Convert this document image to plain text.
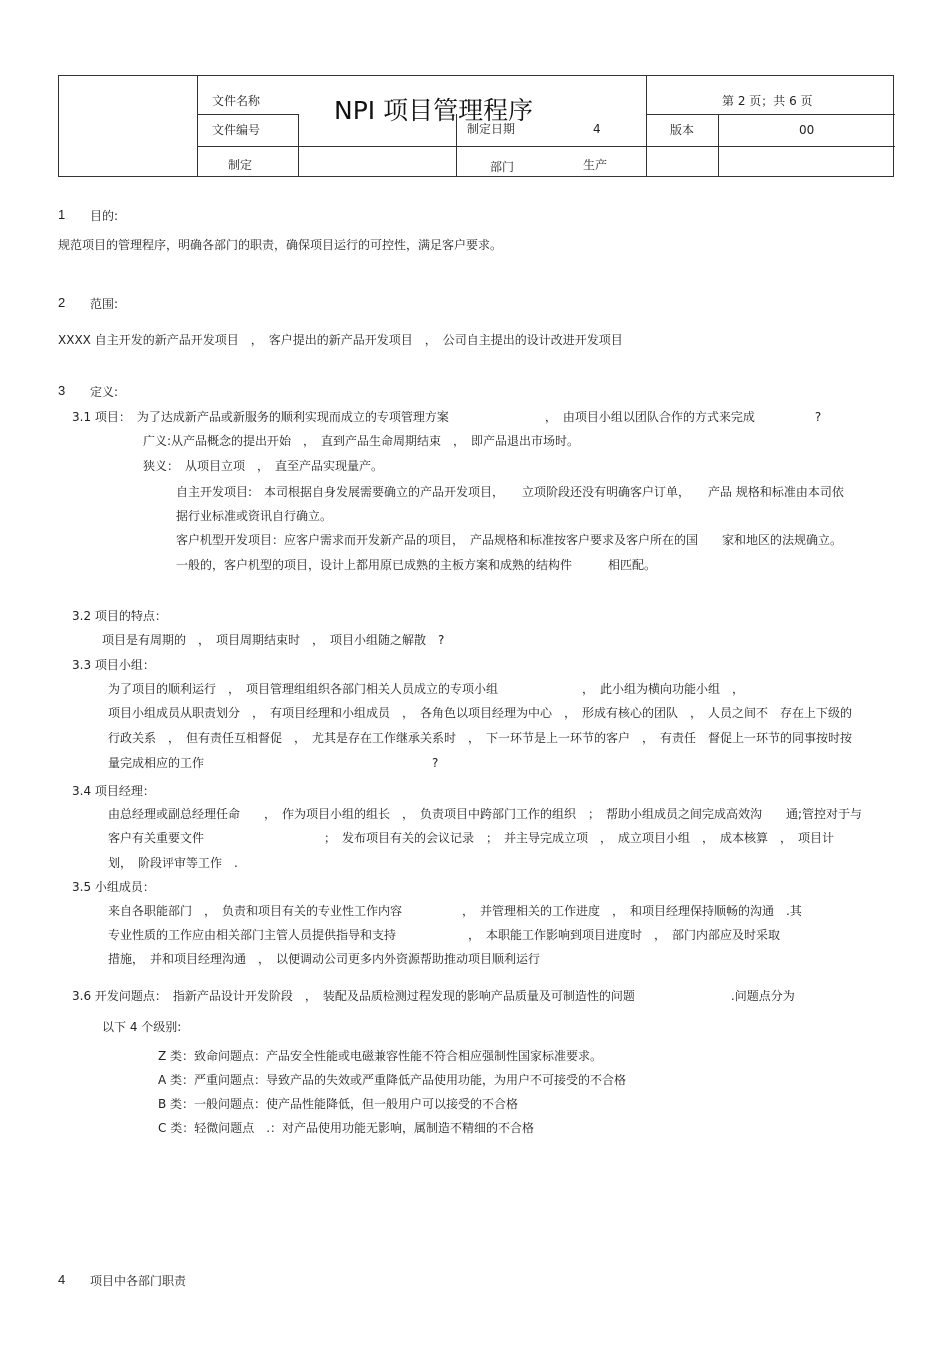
文件名称	NPI 项目管理程序	第 2 页；共 6 页
文件编号	制定日期	4	版本	00
制定	部门	生产
1 目的:
规范项目的管理程序，明确各部门的职责，确保项目运行的可控性，满足客户要求。
2 范围:
XXXX 自主开发的新产品开发项目　，　客户提出的新产品开发项目　，　公司自主提出的设计改进开发项目
3 定义:
3.1 项目：　为了达成新产品或新服务的顺利实现而成立的专项管理方案　　　　　　　　，　由项目小组以团队合作的方式来完成　　　　　?
广义:从产品概念的提出开始　，　直到产品生命周期结束　，　即产品退出市场时。
狭义：　从项目立项　，　直至产品实现量产。
自主开发项目:　本司根据自身发展需要确立的产品开发项目，　　立项阶段还没有明确客户订单，　　产品 规格和标准由本司依
据行业标准或资讯自行确立。
客户机型开发项目：应客户需求而开发新产品的项目，　产品规格和标准按客户要求及客户所在的国　　家和地区的法规确立。
一般的，客户机型的项目，设计上都用原已成熟的主板方案和成熟的结构件　　　相匹配。
3.2 项目的特点：
项目是有周期的　，　项目周期结束时　，　项目小组随之解散　?
3.3 项目小组：
为了项目的顺利运行　，　项目管理组组织各部门相关人员成立的专项小组　　　　　　　，　此小组为横向功能小组　，
项目小组成员从职责划分　，　有项目经理和小组成员　，　各角色以项目经理为中心　，　形成有核心的团队　，　人员之间不　存在上下级的
行政关系　，　但有责任互相督促　，　尤其是存在工作继承关系时　，　下一环节是上一环节的客户　，　有责任　督促上一环节的同事按时按
量完成相应的工作　　　　　　　　　　　　　　　　　　　?
3.4 项目经理：
由总经理或副总经理任命　　，　作为项目小组的组长　，　负责项目中跨部门工作的组织　；　帮助小组成员之间完成高效沟　　通;管控对于与
客户有关重要文件　　　　　　　　　　；　发布项目有关的会议记录　；　并主导完成立项　，　成立项目小组　，　成本核算　，　项目计
划，　阶段评审等工作　.
3.5 小组成员：
来自各职能部门　，　负责和项目有关的专业性工作内容　　　　　，　并管理相关的工作进度　，　和项目经理保持顺畅的沟通　.其
专业性质的工作应由相关部门主管人员提供指导和支持　　　　　　，　本职能工作影响到项目进度时　，　部门内部应及时采取
措施，　并和项目经理沟通　，　以便调动公司更多内外资源帮助推动项目顺利运行
3.6 开发问题点：　指新产品设计开发阶段　，　装配及品质检测过程发现的影响产品质量及可制造性的问题　　　　　　　　.问题点分为
以下 4 个级别:
Z 类：致命问题点：产品安全性能或电磁兼容性能不符合相应强制性国家标准要求。
A 类：严重问题点：导致产品的失效或严重降低产品使用功能，为用户不可接受的不合格
B 类：一般问题点：使产品性能降低，但一般用户可以接受的不合格
C 类：轻微问题点　.：对产品使用功能无影响，属制造不精细的不合格
4 项目中各部门职责
